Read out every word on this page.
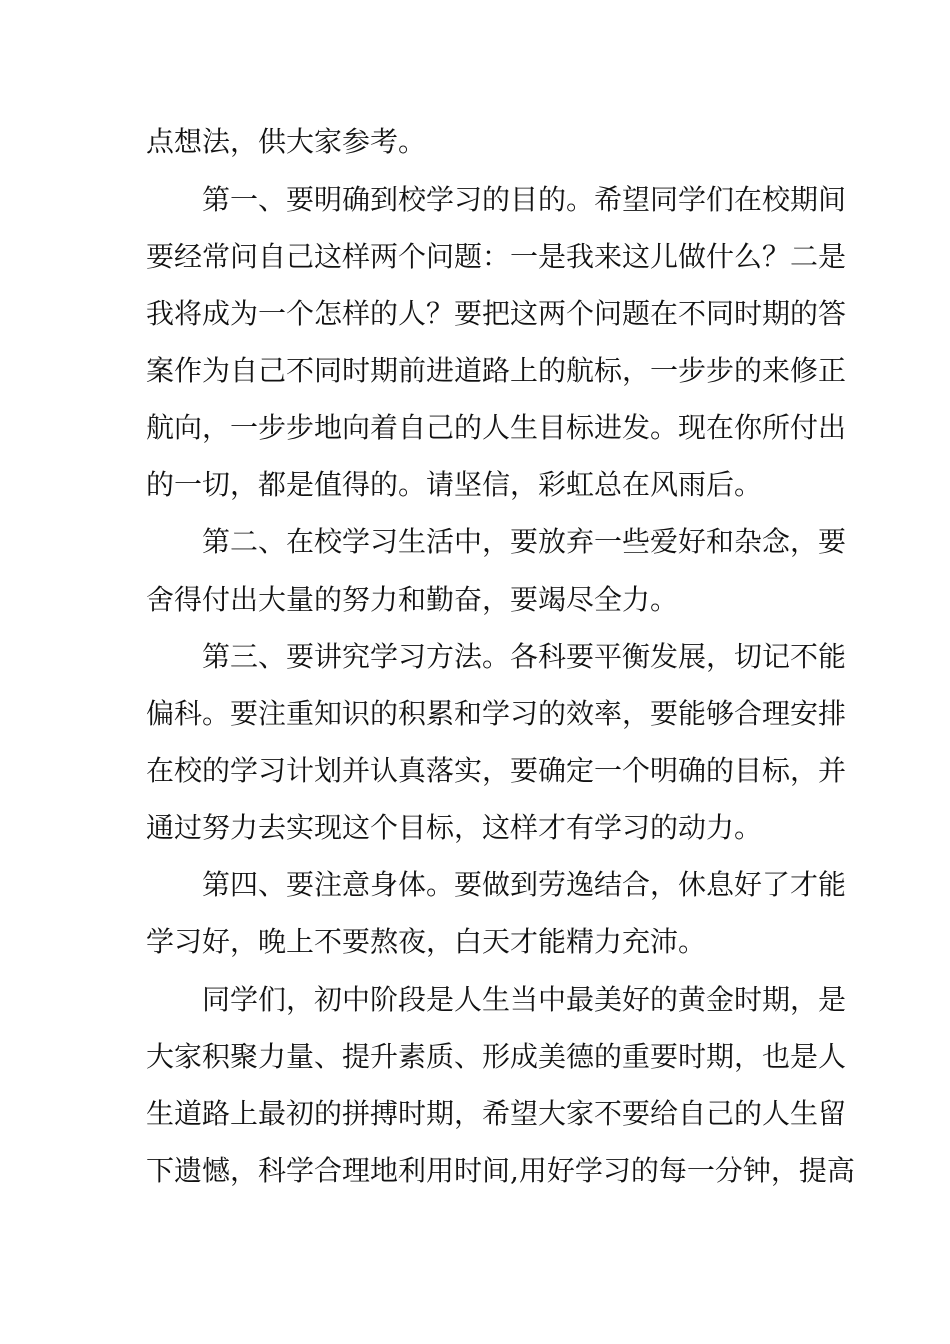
点想法，供大家参考。
第一、要明确到校学习的目的。希望同学们在校期间
要经常问自己这样两个问题：一是我来这儿做什么？二是
我将成为一个怎样的人？要把这两个问题在不同时期的答
案作为自己不同时期前进道路上的航标，一步步的来修正
航向，一步步地向着自己的人生目标进发。现在你所付出
的一切，都是值得的。请坚信，彩虹总在风雨后。
第二、在校学习生活中，要放弃一些爱好和杂念，要
舍得付出大量的努力和勤奋，要竭尽全力。
第三、要讲究学习方法。各科要平衡发展，切记不能
偏科。要注重知识的积累和学习的效率，要能够合理安排
在校的学习计划并认真落实，要确定一个明确的目标，并
通过努力去实现这个目标，这样才有学习的动力。
第四、要注意身体。要做到劳逸结合，休息好了才能
学习好，晚上不要熬夜，白天才能精力充沛。
同学们，初中阶段是人生当中最美好的黄金时期，是
大家积聚力量、提升素质、形成美德的重要时期，也是人
生道路上最初的拼搏时期，希望大家不要给自己的人生留
下遗憾，科学合理地利用时间,用好学习的每一分钟，提高
